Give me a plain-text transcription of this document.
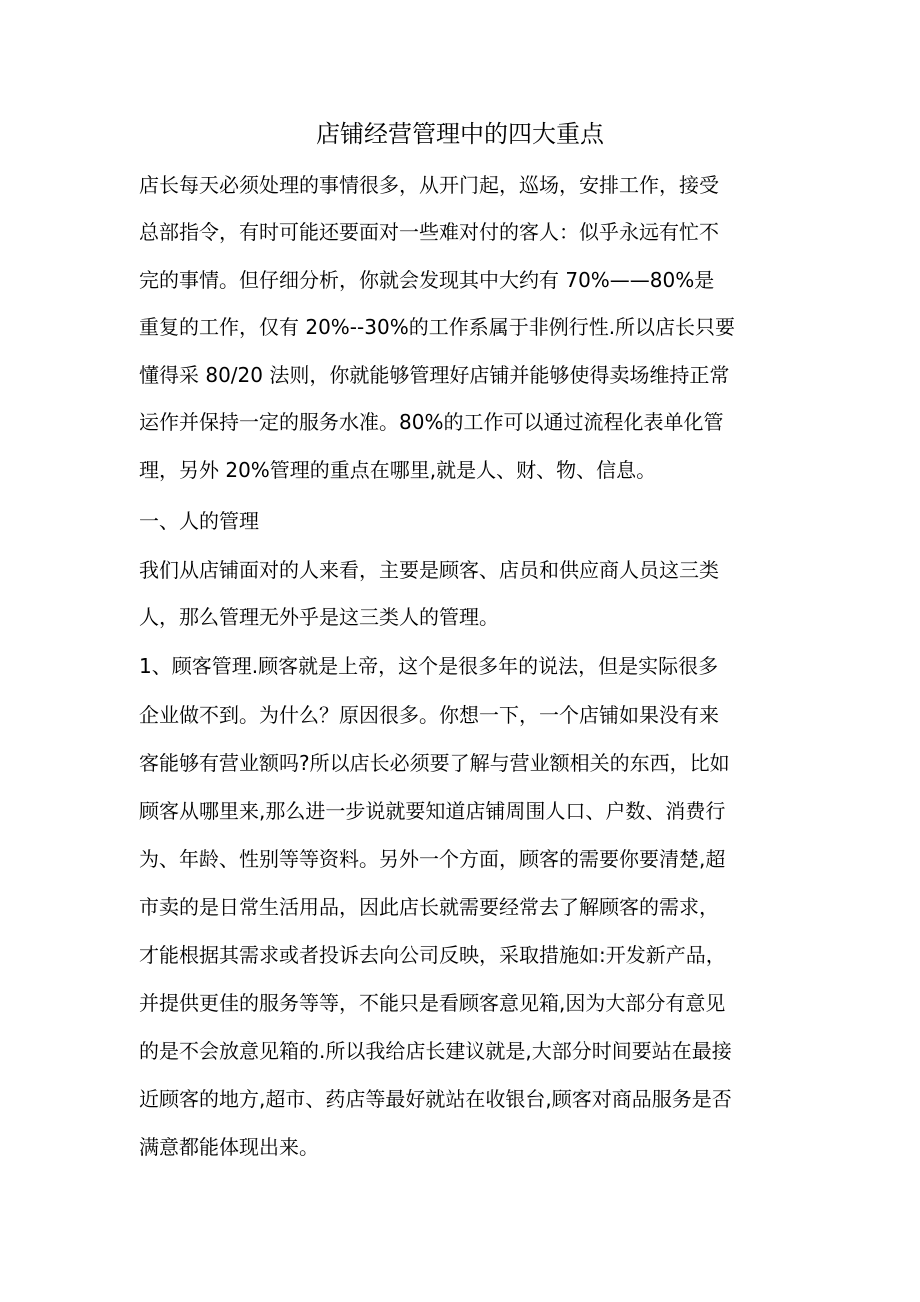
店铺经营管理中的四大重点

店长每天必须处理的事情很多，从开门起，巡场，安排工作，接受

总部指令，有时可能还要面对一些难对付的客人：似乎永远有忙不

完的事情。但仔细分析，你就会发现其中大约有 70%——80%是

重复的工作，仅有 20%--30%的工作系属于非例行性.所以店长只要

懂得采 80/20 法则，你就能够管理好店铺并能够使得卖场维持正常

运作并保持一定的服务水准。80%的工作可以通过流程化表单化管

理，另外 20%管理的重点在哪里,就是人、财、物、信息。

一、人的管理

我们从店铺面对的人来看，主要是顾客、店员和供应商人员这三类

人，那么管理无外乎是这三类人的管理。

1、顾客管理.顾客就是上帝，这个是很多年的说法，但是实际很多

企业做不到。为什么？原因很多。你想一下，一个店铺如果没有来

客能够有营业额吗?所以店长必须要了解与营业额相关的东西，比如

顾客从哪里来,那么进一步说就要知道店铺周围人口、户数、消费行

为、年龄、性别等等资料。另外一个方面，顾客的需要你要清楚,超

市卖的是日常生活用品，因此店长就需要经常去了解顾客的需求，

才能根据其需求或者投诉去向公司反映，采取措施如:开发新产品，

并提供更佳的服务等等，不能只是看顾客意见箱,因为大部分有意见

的是不会放意见箱的.所以我给店长建议就是,大部分时间要站在最接

近顾客的地方,超市、药店等最好就站在收银台,顾客对商品服务是否

满意都能体现出来。
